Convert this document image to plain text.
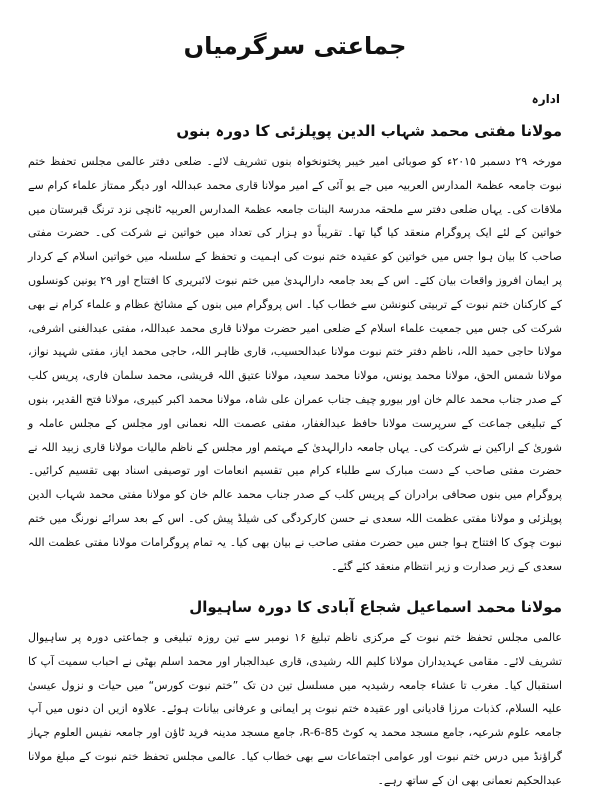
جماعتی سرگرمیاں
ادارہ
مولانا مفتی محمد شہاب الدین پوپلزئی کا دورہ بنوں

مورخہ ۲۹ دسمبر ۲۰۱۵ء کو صوبائی امیر خیبر پختونخواہ بنوں تشریف لائے۔ ضلعی دفتر عالمی مجلس تحفظ ختم نبوت جامعہ عظمۃ المدارس العربیہ میں جے یو آئی کے امیر مولانا قاری محمد عبداللہ اور دیگر ممتاز علماء کرام سے ملاقات کی۔ یہاں ضلعی دفتر سے ملحقہ مدرسۃ البنات جامعہ عظمۃ المدارس العربیہ ٹانچی نزد ترنگ قبرستان میں خواتین کے لئے ایک پروگرام منعقد کیا گیا تھا۔ تقریباً دو ہزار کی تعداد میں خواتین نے شرکت کی۔ حضرت مفتی صاحب کا بیان ہوا جس میں خواتین کو عقیدہ ختم نبوت کی اہمیت و تحفظ کے سلسلہ میں خواتین اسلام کے کردار پر ایمان افروز واقعات بیان کئے۔ اس کے بعد جامعہ دارالہدیٰ میں ختم نبوت لائبریری کا افتتاح اور ۲۹ یونین کونسلوں کے کارکنان ختم نبوت کے تربیتی کنونشن سے خطاب کیا۔ اس پروگرام میں بنوں کے مشائخ عظام و علماء کرام نے بھی شرکت کی جس میں جمعیت علماء اسلام کے ضلعی امیر حضرت مولانا قاری محمد عبداللہ، مفتی عبدالغنی اشرفی، مولانا حاجی حمید اللہ، ناظم دفتر ختم نبوت مولانا عبدالحسیب، قاری ظاہر اللہ، حاجی محمد ایاز، مفتی شہید نواز، مولانا شمس الحق، مولانا محمد یونس، مولانا محمد سعید، مولانا عتیق اللہ قریشی، محمد سلمان فاری، پریس کلب کے صدر جناب محمد عالم خان اور بیورو چیف جناب عمران علی شاہ، مولانا محمد اکبر کبیری، مولانا فتح القدیر، بنوں کے تبلیغی جماعت کے سرپرست مولانا حافظ عبدالغفار، مفتی عصمت اللہ نعمانی اور مجلس کے مجلس عاملہ و شوریٰ کے اراکین نے شرکت کی۔ یہاں جامعہ دارالہدیٰ کے مہتمم اور مجلس کے ناظم مالیات مولانا قاری زبید اللہ نے حضرت مفتی صاحب کے دست مبارک سے طلباء کرام میں تقسیم انعامات اور توصیفی اسناد بھی تقسیم کرائیں۔ پروگرام میں بنوں صحافی برادران کے پریس کلب کے صدر جناب محمد عالم خان کو مولانا مفتی محمد شہاب الدین پوپلزئی و مولانا مفتی عظمت اللہ سعدی نے حسن کارکردگی کی شیلڈ پیش کی۔ اس کے بعد سرائے نورنگ میں ختم نبوت چوک کا افتتاح ہوا جس میں حضرت مفتی صاحب نے بیان بھی کیا۔ یہ تمام پروگرامات مولانا مفتی عظمت اللہ سعدی کے زیر صدارت و زیر انتظام منعقد کئے گئے۔

مولانا محمد اسماعیل شجاع آبادی کا دورہ ساہیوال

عالمی مجلس تحفظ ختم نبوت کے مرکزی ناظم تبلیغ ۱۶ نومبر سے تین روزہ تبلیغی و جماعتی دورہ پر ساہیوال تشریف لائے۔ مقامی عہدیداران مولانا کلیم اللہ رشیدی، قاری عبدالجبار اور محمد اسلم بھٹی نے احباب سمیت آپ کا استقبال کیا۔ مغرب تا عشاء جامعہ رشیدیہ میں مسلسل تین دن تک ”ختم نبوت کورس“ میں حیات و نزول عیسیٰ علیہ السلام، کذبات مرزا قادیانی اور عقیدہ ختم نبوت پر ایمانی و عرفانی بیانات ہوئے۔ علاوہ ازیں ان دنوں میں آپ جامعہ علوم شرعیہ، جامع مسجد محمد یہ کوٹ R-6-85، جامع مسجد مدینہ فرید ٹاؤن اور جامعہ نفیس العلوم جہاز گراؤنڈ میں درس ختم نبوت اور عوامی اجتماعات سے بھی خطاب کیا۔ عالمی مجلس تحفظ ختم نبوت کے مبلغ مولانا عبدالحکیم نعمانی بھی ان کے ساتھ رہے۔
